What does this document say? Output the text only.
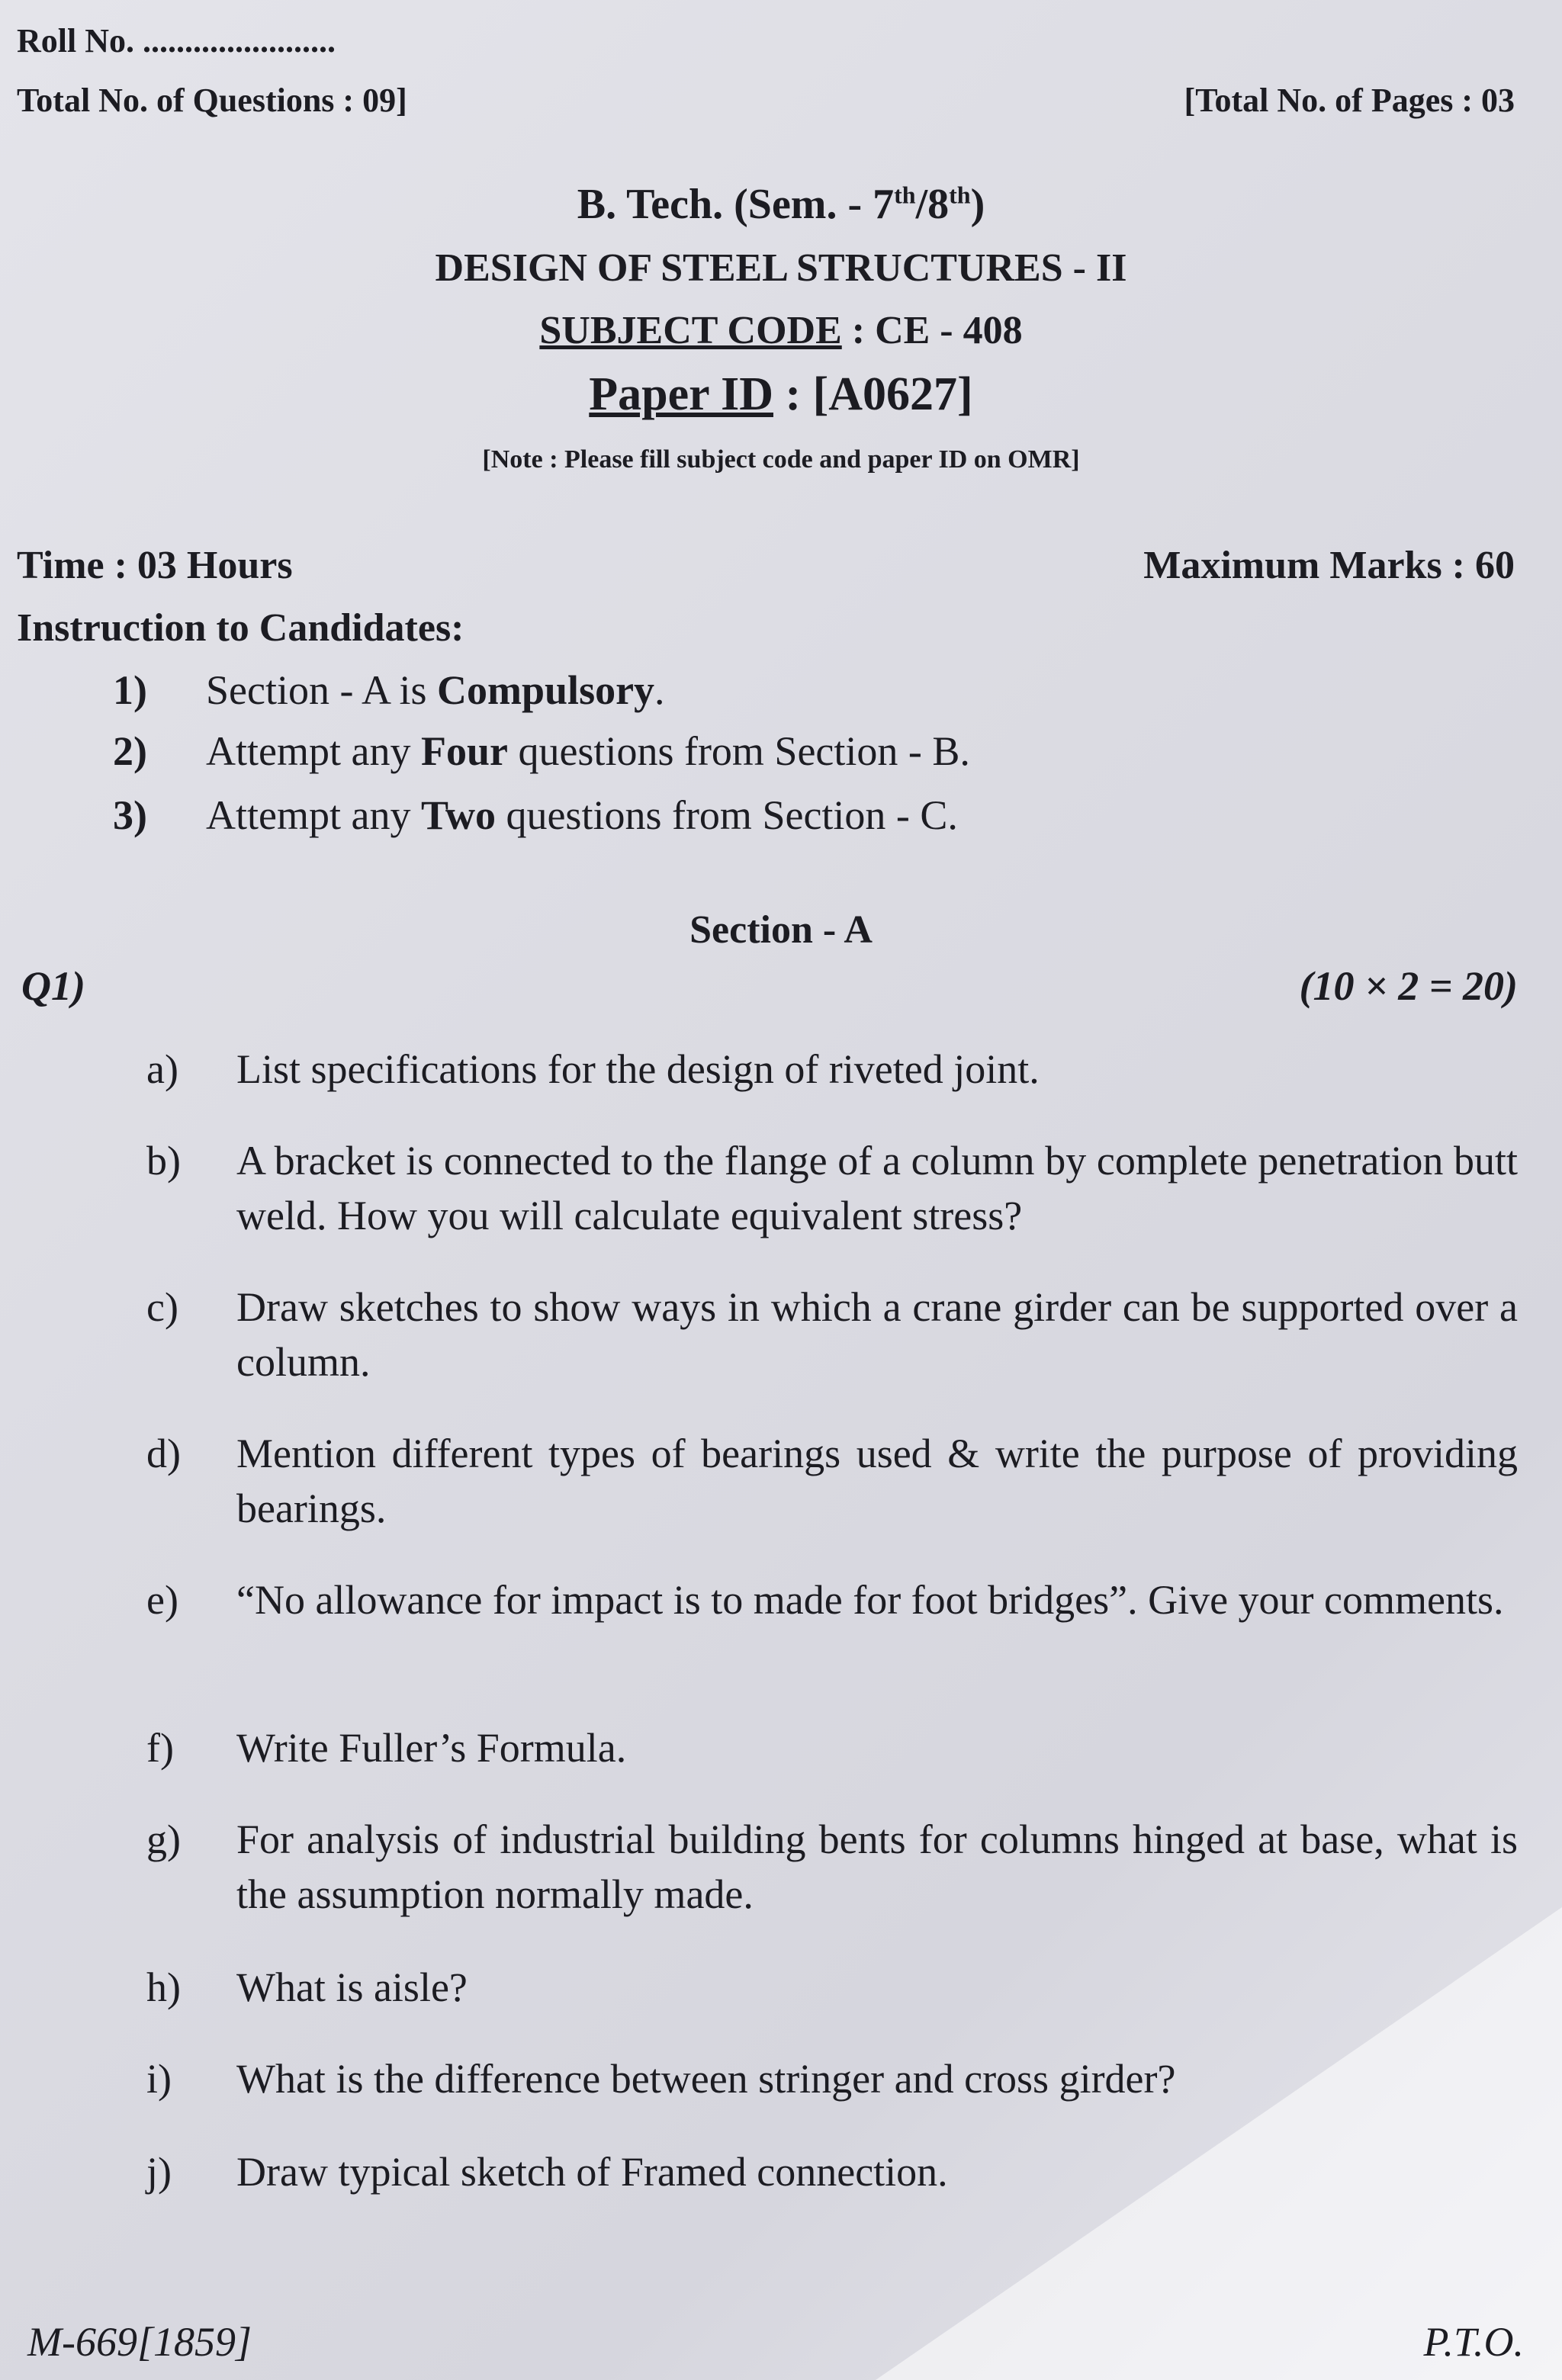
Roll No. .......................
Total No. of Questions : 09]	[Total No. of Pages : 03
B. Tech. (Sem. - 7th/8th)
DESIGN OF STEEL STRUCTURES - II
SUBJECT CODE : CE - 408
Paper ID : [A0627]
[Note : Please fill subject code and paper ID on OMR]
Time : 03 Hours	Maximum Marks : 60
Instruction to Candidates:
1) Section - A is Compulsory.
2) Attempt any Four questions from Section - B.
3) Attempt any Two questions from Section - C.
Section - A
Q1)	(10 × 2 = 20)
a)	List specifications for the design of riveted joint.
b)	A bracket is connected to the flange of a column by complete penetration butt weld. How you will calculate equivalent stress?
c)	Draw sketches to show ways in which a crane girder can be supported over a column.
d)	Mention different types of bearings used & write the purpose of providing bearings.
e)	“No allowance for impact is to made for foot bridges”. Give your comments.
f)	Write Fuller’s Formula.
g)	For analysis of industrial building bents for columns hinged at base, what is the assumption normally made.
h)	What is aisle?
i)	What is the difference between stringer and cross girder?
j)	Draw typical sketch of Framed connection.
M-669[1859]	P.T.O.
